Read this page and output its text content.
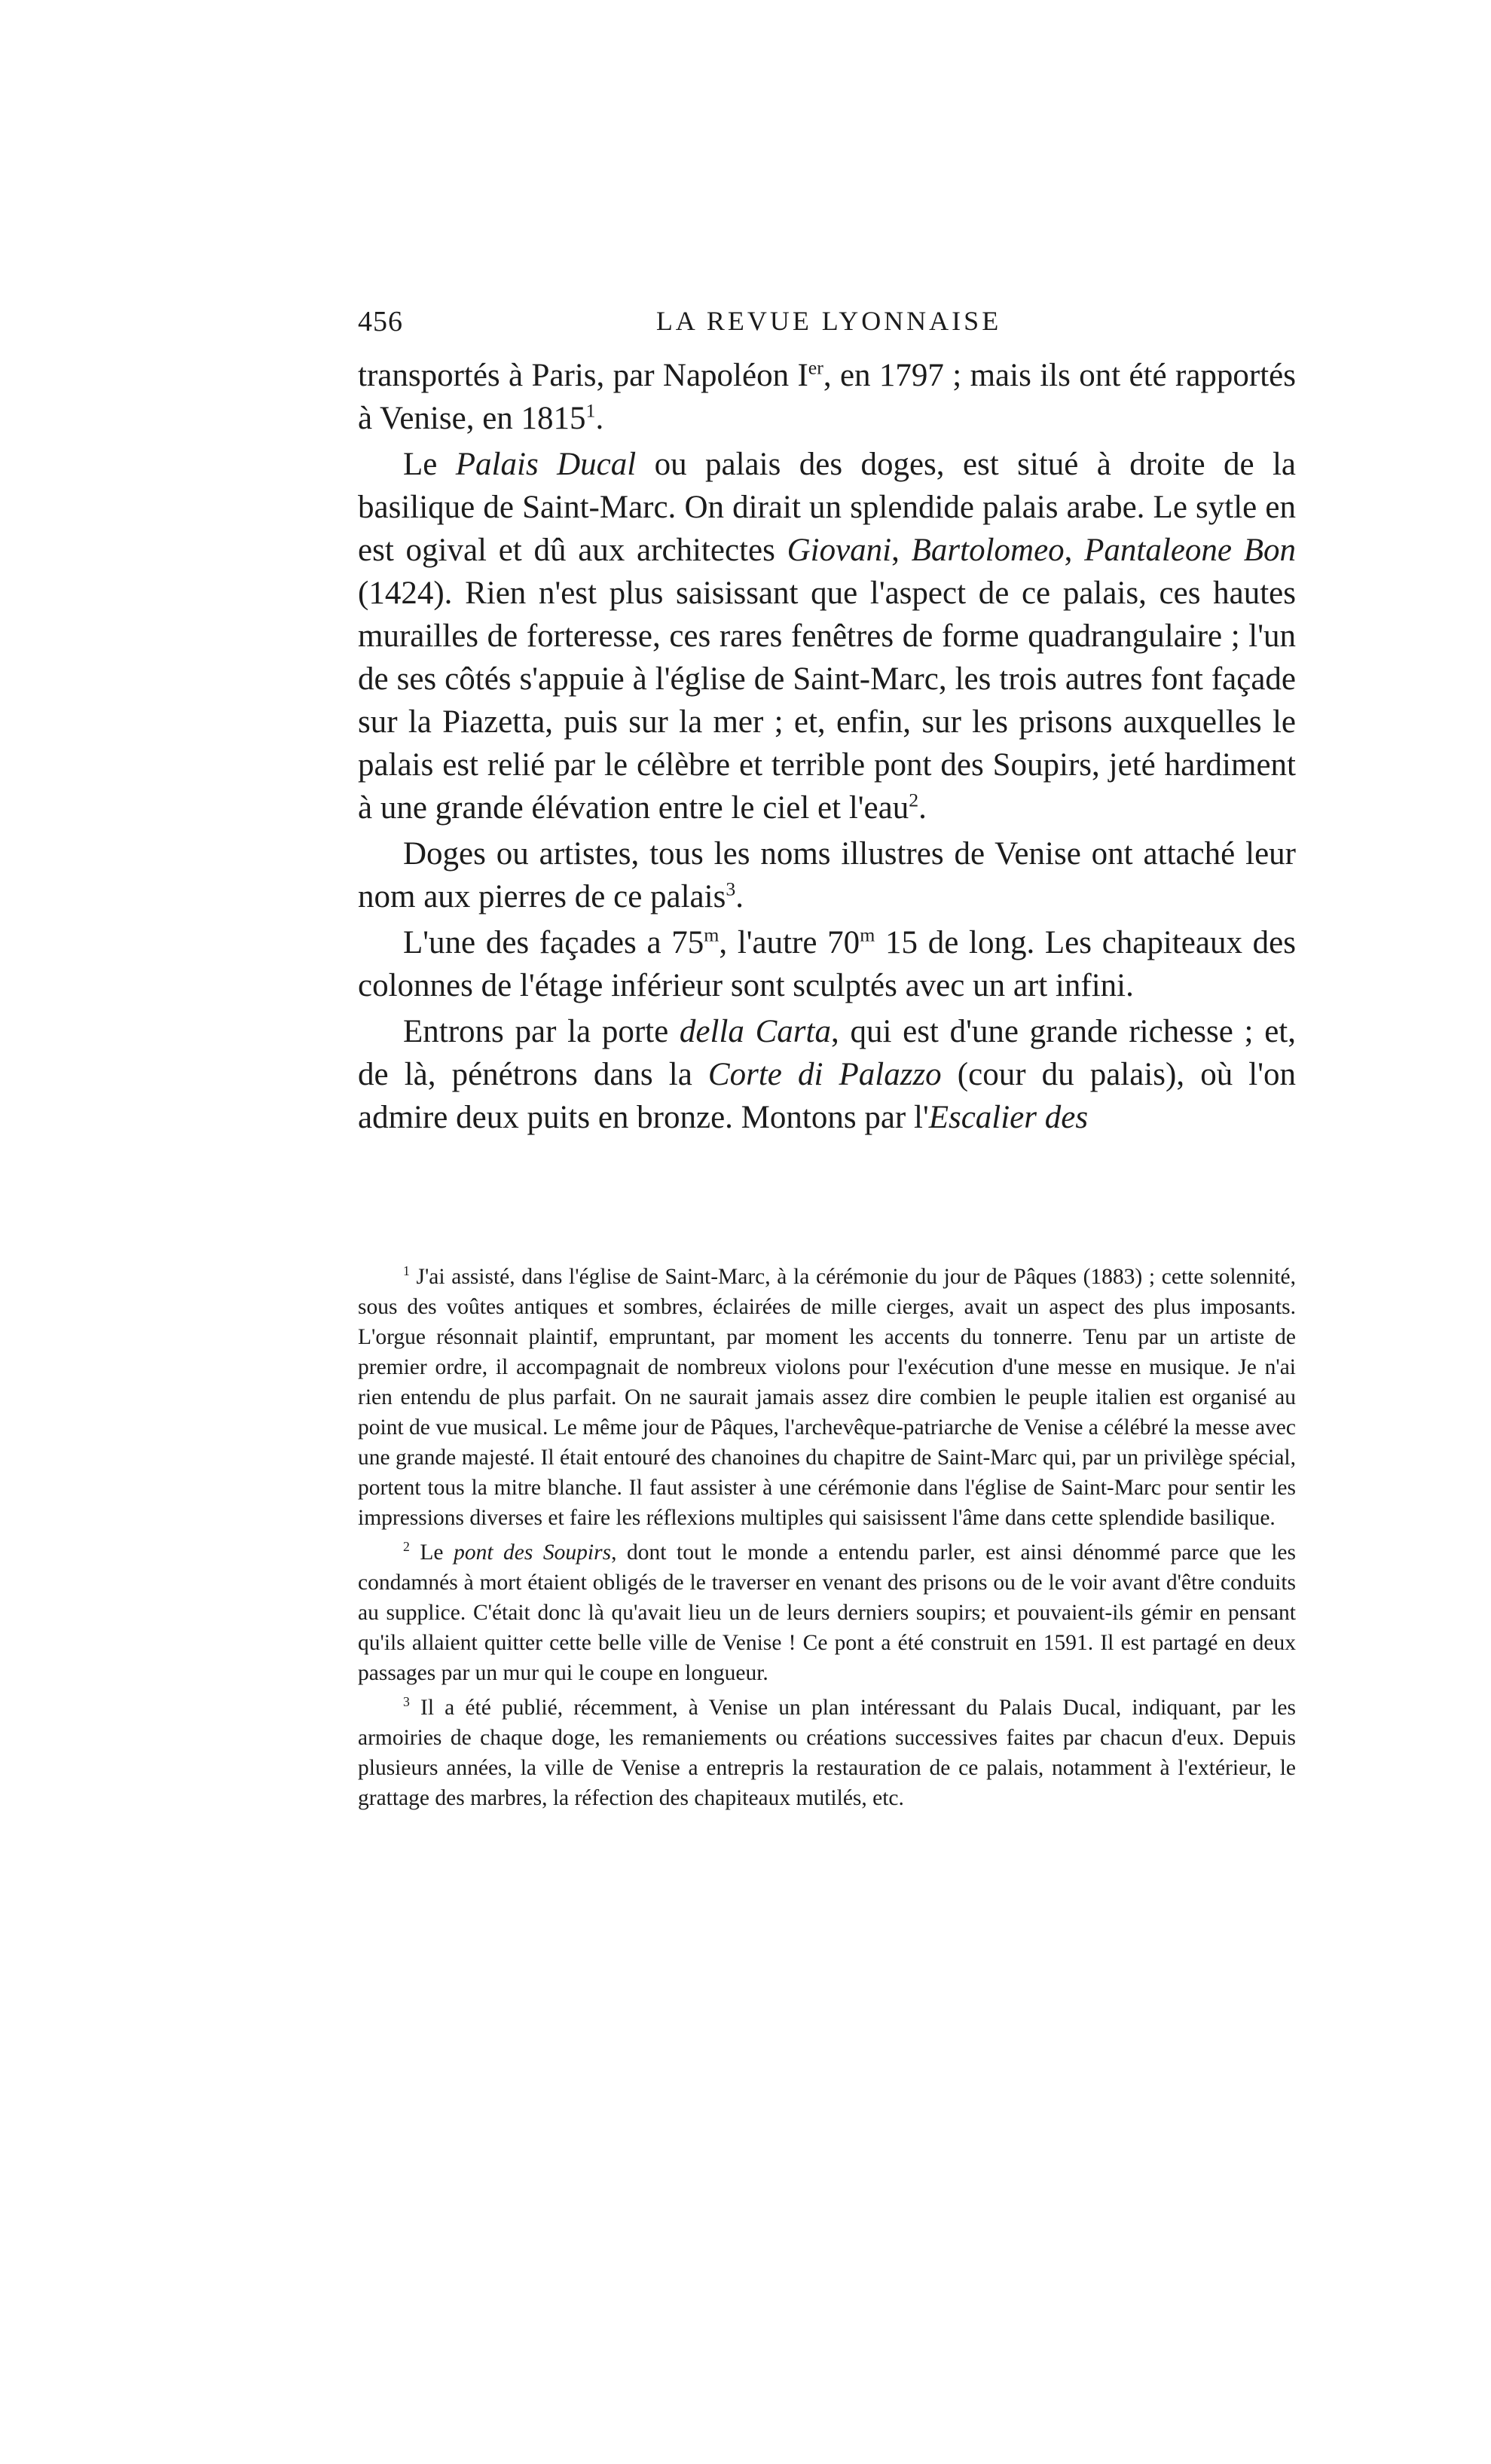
456	LA REVUE LYONNAISE

transportés à Paris, par Napoléon Ier, en 1797 ; mais ils ont été rapportés à Venise, en 1815$^1$.

Le Palais Ducal ou palais des doges, est situé à droite de la basilique de Saint-Marc. On dirait un splendide palais arabe. Le sytle en est ogival et dû aux architectes Giovani, Bartolomeo, Pantaleone Bon (1424). Rien n'est plus saisissant que l'aspect de ce palais, ces hautes murailles de forteresse, ces rares fenêtres de forme quadrangulaire ; l'un de ses côtés s'appuie à l'église de Saint-Marc, les trois autres font façade sur la Piazetta, puis sur la mer ; et, enfin, sur les prisons auxquelles le palais est relié par le célèbre et terrible pont des Soupirs, jeté hardiment à une grande élévation entre le ciel et l'eau$^2$.

Doges ou artistes, tous les noms illustres de Venise ont attaché leur nom aux pierres de ce palais$^3$.

L'une des façades a 75$^m$, l'autre 70$^m$ 15 de long. Les chapiteaux des colonnes de l'étage inférieur sont sculptés avec un art infini.

Entrons par la porte della Carta, qui est d'une grande richesse ; et, de là, pénétrons dans la Corte di Palazzo (cour du palais), où l'on admire deux puits en bronze. Montons par l'Escalier des

$^1$ J'ai assisté, dans l'église de Saint-Marc, à la cérémonie du jour de Pâques (1883) ; cette solennité, sous des voûtes antiques et sombres, éclairées de mille cierges, avait un aspect des plus imposants. L'orgue résonnait plaintif, empruntant, par moment les accents du tonnerre. Tenu par un artiste de premier ordre, il accompagnait de nombreux violons pour l'exécution d'une messe en musique. Je n'ai rien entendu de plus parfait. On ne saurait jamais assez dire combien le peuple italien est organisé au point de vue musical. Le même jour de Pâques, l'archevêque-patriarche de Venise a célébré la messe avec une grande majesté. Il était entouré des chanoines du chapitre de Saint-Marc qui, par un privilège spécial, portent tous la mitre blanche. Il faut assister à une cérémonie dans l'église de Saint-Marc pour sentir les impressions diverses et faire les réflexions multiples qui saisissent l'âme dans cette splendide basilique.

$^2$ Le pont des Soupirs, dont tout le monde a entendu parler, est ainsi dénommé parce que les condamnés à mort étaient obligés de le traverser en venant des prisons ou de le voir avant d'être conduits au supplice. C'était donc là qu'avait lieu un de leurs derniers soupirs; et pouvaient-ils gémir en pensant qu'ils allaient quitter cette belle ville de Venise ! Ce pont a été construit en 1591. Il est partagé en deux passages par un mur qui le coupe en longueur.

$^3$ Il a été publié, récemment, à Venise un plan intéressant du Palais Ducal, indiquant, par les armoiries de chaque doge, les remaniements ou créations successives faites par chacun d'eux. Depuis plusieurs années, la ville de Venise a entrepris la restauration de ce palais, notamment à l'extérieur, le grattage des marbres, la réfection des chapiteaux mutilés, etc.
